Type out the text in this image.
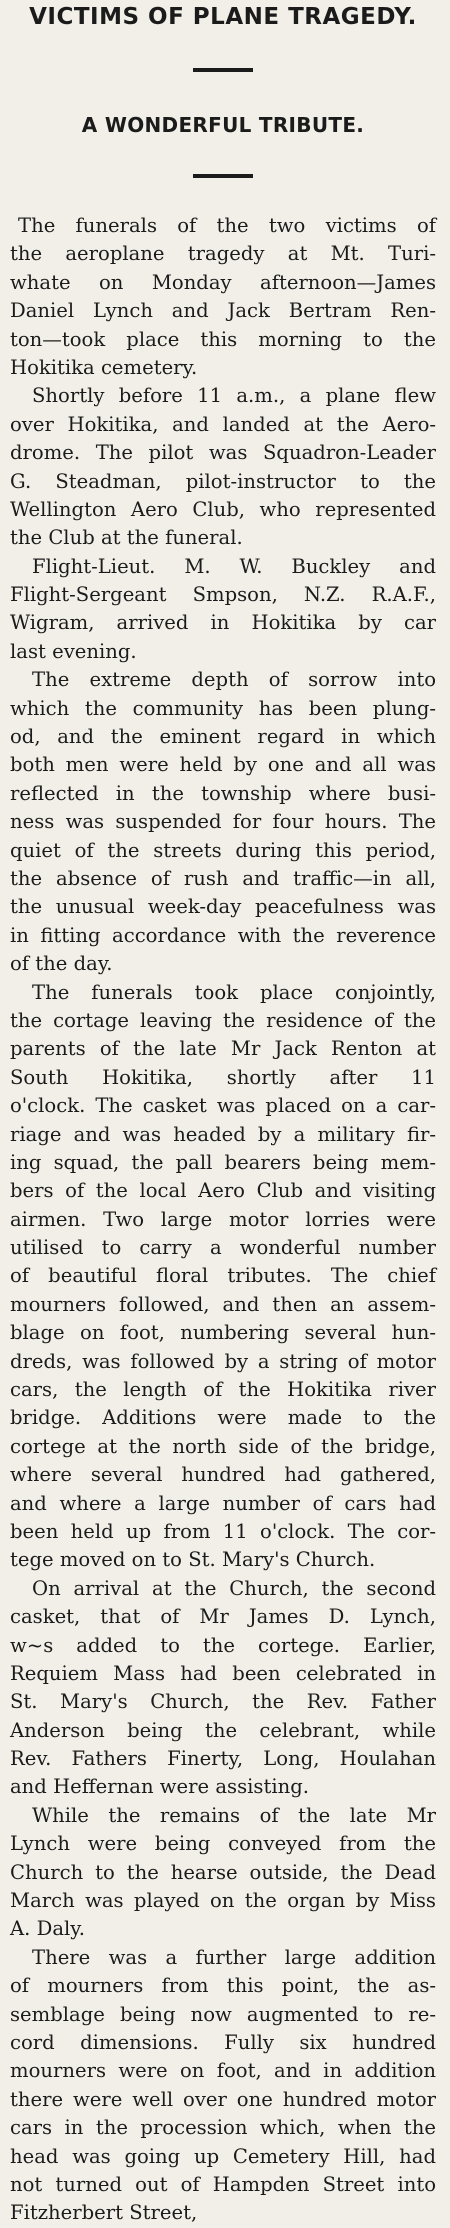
VICTIMS OF PLANE TRAGEDY.
A WONDERFUL TRIBUTE.
The funerals of the two victims of
the aeroplane tragedy at Mt. Turi-
whate on Monday afternoon—James
Daniel Lynch and Jack Bertram Ren-
ton—took place this morning to the
Hokitika cemetery.
Shortly before 11 a.m., a plane flew
over Hokitika, and landed at the Aero-
drome. The pilot was Squadron-Leader
G. Steadman, pilot-instructor to the
Wellington Aero Club, who represented
the Club at the funeral.
Flight-Lieut. M. W. Buckley and
Flight-Sergeant Smpson, N.Z. R.A.F.,
Wigram, arrived in Hokitika by car
last evening.
The extreme depth of sorrow into
which the community has been plung-
od, and the eminent regard in which
both men were held by one and all was
reflected in the township where busi-
ness was suspended for four hours. The
quiet of the streets during this period,
the absence of rush and traffic—in all,
the unusual week-day peacefulness was
in fitting accordance with the reverence
of the day.
The funerals took place conjointly,
the cortage leaving the residence of the
parents of the late Mr Jack Renton at
South Hokitika, shortly after 11
o'clock. The casket was placed on a car-
riage and was headed by a military fir-
ing squad, the pall bearers being mem-
bers of the local Aero Club and visiting
airmen. Two large motor lorries were
utilised to carry a wonderful number
of beautiful floral tributes. The chief
mourners followed, and then an assem-
blage on foot, numbering several hun-
dreds, was followed by a string of motor
cars, the length of the Hokitika river
bridge. Additions were made to the
cortege at the north side of the bridge,
where several hundred had gathered,
and where a large number of cars had
been held up from 11 o'clock. The cor-
tege moved on to St. Mary's Church.
On arrival at the Church, the second
casket, that of Mr James D. Lynch,
w~s added to the cortege. Earlier,
Requiem Mass had been celebrated in
St. Mary's Church, the Rev. Father
Anderson being the celebrant, while
Rev. Fathers Finerty, Long, Houlahan
and Heffernan were assisting.
While the remains of the late Mr
Lynch were being conveyed from the
Church to the hearse outside, the Dead
March was played on the organ by Miss
A. Daly.
There was a further large addition
of mourners from this point, the as-
semblage being now augmented to re-
cord dimensions. Fully six hundred
mourners were on foot, and in addition
there were well over one hundred motor
cars in the procession which, when the
head was going up Cemetery Hill, had
not turned out of Hampden Street into
Fitzherbert Street,
